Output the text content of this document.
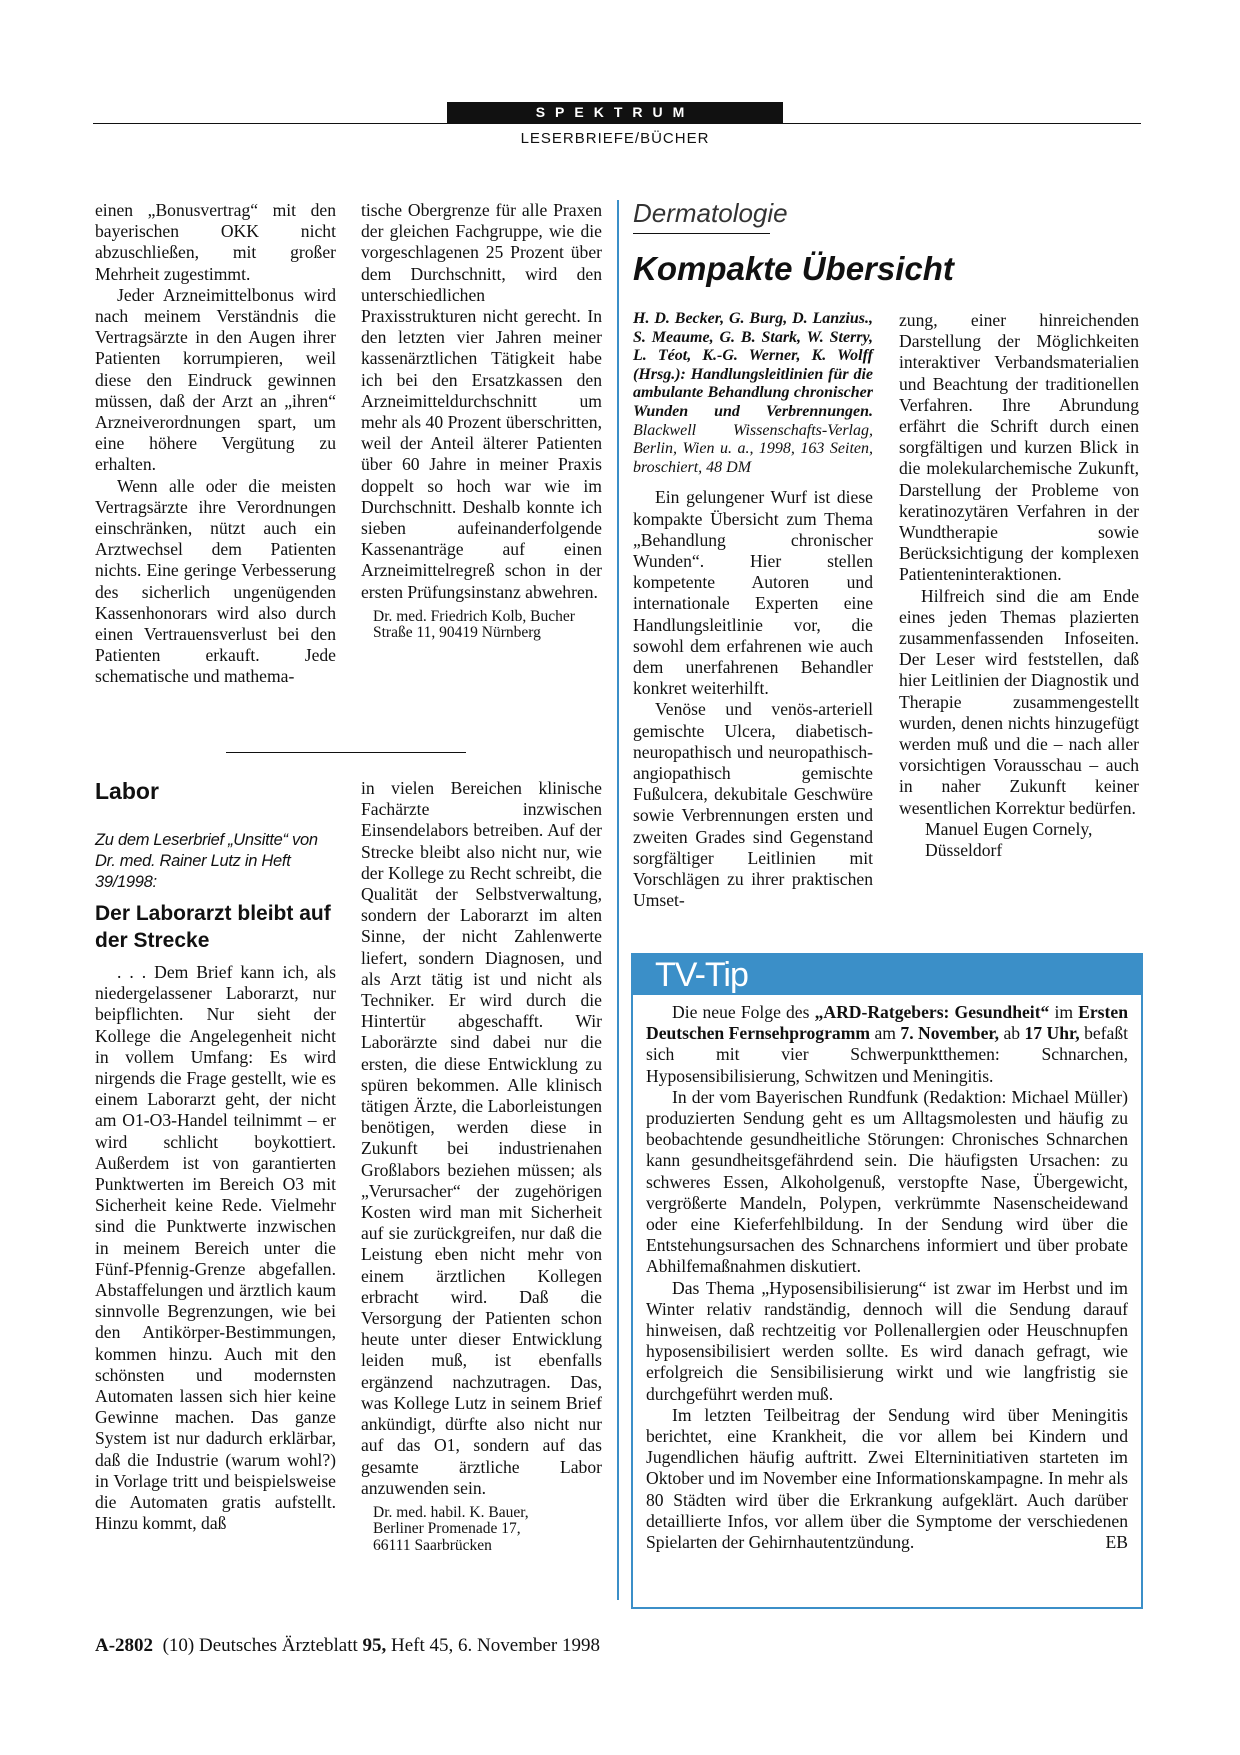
SPEKTRUM
LESERBRIEFE/BÜCHER

einen „Bonusvertrag“ mit den bayerischen OKK nicht abzuschließen, mit großer Mehrheit zugestimmt.

Jeder Arzneimittelbonus wird nach meinem Verständnis die Vertragsärzte in den Augen ihrer Patienten korrumpieren, weil diese den Eindruck gewinnen müssen, daß der Arzt an „ihren“ Arzneiverordnungen spart, um eine höhere Vergütung zu erhalten.

Wenn alle oder die meisten Vertragsärzte ihre Verordnungen einschränken, nützt auch ein Arztwechsel dem Patienten nichts. Eine geringe Verbesserung des sicherlich ungenügenden Kassenhonorars wird also durch einen Vertrauensverlust bei den Patienten erkauft. Jede schematische und mathema-

tische Obergrenze für alle Praxen der gleichen Fachgruppe, wie die vorgeschlagenen 25 Prozent über dem Durchschnitt, wird den unterschiedlichen Praxisstrukturen nicht gerecht. In den letzten vier Jahren meiner kassenärztlichen Tätigkeit habe ich bei den Ersatzkassen den Arzneimitteldurchschnitt um mehr als 40 Prozent überschritten, weil der Anteil älterer Patienten über 60 Jahre in meiner Praxis doppelt so hoch war wie im Durchschnitt. Deshalb konnte ich sieben aufeinanderfolgende Kassenanträge auf einen Arzneimittelregreß schon in der ersten Prüfungsinstanz abwehren.

Dr. med. Friedrich Kolb, Bucher Straße 11, 90419 Nürnberg

Labor
Zu dem Leserbrief „Unsitte“ von Dr. med. Rainer Lutz in Heft 39/1998:
Der Laborarzt bleibt auf der Strecke

. . . Dem Brief kann ich, als niedergelassener Laborarzt, nur beipflichten. Nur sieht der Kollege die Angelegenheit nicht in vollem Umfang: Es wird nirgends die Frage gestellt, wie es einem Laborarzt geht, der nicht am O1-O3-Handel teilnimmt – er wird schlicht boykottiert. Außerdem ist von garantierten Punktwerten im Bereich O3 mit Sicherheit keine Rede. Vielmehr sind die Punktwerte inzwischen in meinem Bereich unter die Fünf-Pfennig-Grenze abgefallen. Abstaffelungen und ärztlich kaum sinnvolle Begrenzungen, wie bei den Antikörper-Bestimmungen, kommen hinzu. Auch mit den schönsten und modernsten Automaten lassen sich hier keine Gewinne machen. Das ganze System ist nur dadurch erklärbar, daß die Industrie (warum wohl?) in Vorlage tritt und beispielsweise die Automaten gratis aufstellt. Hinzu kommt, daß

in vielen Bereichen klinische Fachärzte inzwischen Einsendelabors betreiben. Auf der Strecke bleibt also nicht nur, wie der Kollege zu Recht schreibt, die Qualität der Selbstverwaltung, sondern der Laborarzt im alten Sinne, der nicht Zahlenwerte liefert, sondern Diagnosen, und als Arzt tätig ist und nicht als Techniker. Er wird durch die Hintertür abgeschafft. Wir Laborärzte sind dabei nur die ersten, die diese Entwicklung zu spüren bekommen. Alle klinisch tätigen Ärzte, die Laborleistungen benötigen, werden diese in Zukunft bei industrienahen Großlabors beziehen müssen; als „Verursacher“ der zugehörigen Kosten wird man mit Sicherheit auf sie zurückgreifen, nur daß die Leistung eben nicht mehr von einem ärztlichen Kollegen erbracht wird. Daß die Versorgung der Patienten schon heute unter dieser Entwicklung leiden muß, ist ebenfalls ergänzend nachzutragen. Das, was Kollege Lutz in seinem Brief ankündigt, dürfte also nicht nur auf das O1, sondern auf das gesamte ärztliche Labor anzuwenden sein.

Dr. med. habil. K. Bauer,
Berliner Promenade 17,
66111 Saarbrücken

Dermatologie
Kompakte Übersicht
H. D. Becker, G. Burg, D. Lanzius., S. Meaume, G. B. Stark, W. Sterry, L. Téot, K.-G. Werner, K. Wolff (Hrsg.): Handlungsleitlinien für die ambulante Behandlung chronischer Wunden und Verbrennungen. Blackwell Wissenschafts-Verlag, Berlin, Wien u. a., 1998, 163 Seiten, broschiert, 48 DM

Ein gelungener Wurf ist diese kompakte Übersicht zum Thema „Behandlung chronischer Wunden“. Hier stellen kompetente Autoren und internationale Experten eine Handlungsleitlinie vor, die sowohl dem erfahrenen wie auch dem unerfahrenen Behandler konkret weiterhilft.

Venöse und venös-arteriell gemischte Ulcera, diabetisch-neuropathisch und neuropathisch-angiopathisch gemischte Fußulcera, dekubitale Geschwüre sowie Verbrennungen ersten und zweiten Grades sind Gegenstand sorgfältiger Leitlinien mit Vorschlägen zu ihrer praktischen Umset-

zung, einer hinreichenden Darstellung der Möglichkeiten interaktiver Verbandsmaterialien und Beachtung der traditionellen Verfahren. Ihre Abrundung erfährt die Schrift durch einen sorgfältigen und kurzen Blick in die molekularchemische Zukunft, Darstellung der Probleme von keratinozytären Verfahren in der Wundtherapie sowie Berücksichtigung der komplexen Patienteninteraktionen.

Hilfreich sind die am Ende eines jeden Themas plazierten zusammenfassenden Infoseiten. Der Leser wird feststellen, daß hier Leitlinien der Diagnostik und Therapie zusammengestellt wurden, denen nichts hinzugefügt werden muß und die – nach aller vorsichtigen Vorausschau – auch in naher Zukunft keiner wesentlichen Korrektur bedürfen.

Manuel Eugen Cornely,
Düsseldorf

TV-Tip

Die neue Folge des „ARD-Ratgebers: Gesundheit“ im Ersten Deutschen Fernsehprogramm am 7. November, ab 17 Uhr, befaßt sich mit vier Schwerpunktthemen: Schnarchen, Hyposensibilisierung, Schwitzen und Meningitis.

In der vom Bayerischen Rundfunk (Redaktion: Michael Müller) produzierten Sendung geht es um Alltagsmolesten und häufig zu beobachtende gesundheitliche Störungen: Chronisches Schnarchen kann gesundheitsgefährdend sein. Die häufigsten Ursachen: zu schweres Essen, Alkoholgenuß, verstopfte Nase, Übergewicht, vergrößerte Mandeln, Polypen, verkrümmte Nasenscheidewand oder eine Kieferfehlbildung. In der Sendung wird über die Entstehungsursachen des Schnarchens informiert und über probate Abhilfemaßnahmen diskutiert.

Das Thema „Hyposensibilisierung“ ist zwar im Herbst und im Winter relativ randständig, dennoch will die Sendung darauf hinweisen, daß rechtzeitig vor Pollenallergien oder Heuschnupfen hyposensibilisiert werden sollte. Es wird danach gefragt, wie erfolgreich die Sensibilisierung wirkt und wie langfristig sie durchgeführt werden muß.

Im letzten Teilbeitrag der Sendung wird über Meningitis berichtet, eine Krankheit, die vor allem bei Kindern und Jugendlichen häufig auftritt. Zwei Elterninitiativen starteten im Oktober und im November eine Informationskampagne. In mehr als 80 Städten wird über die Erkrankung aufgeklärt. Auch darüber detaillierte Infos, vor allem über die Symptome der verschiedenen Spielarten der Gehirnhautentzündung.	EB

A-2802 (10) Deutsches Ärzteblatt 95, Heft 45, 6. November 1998
